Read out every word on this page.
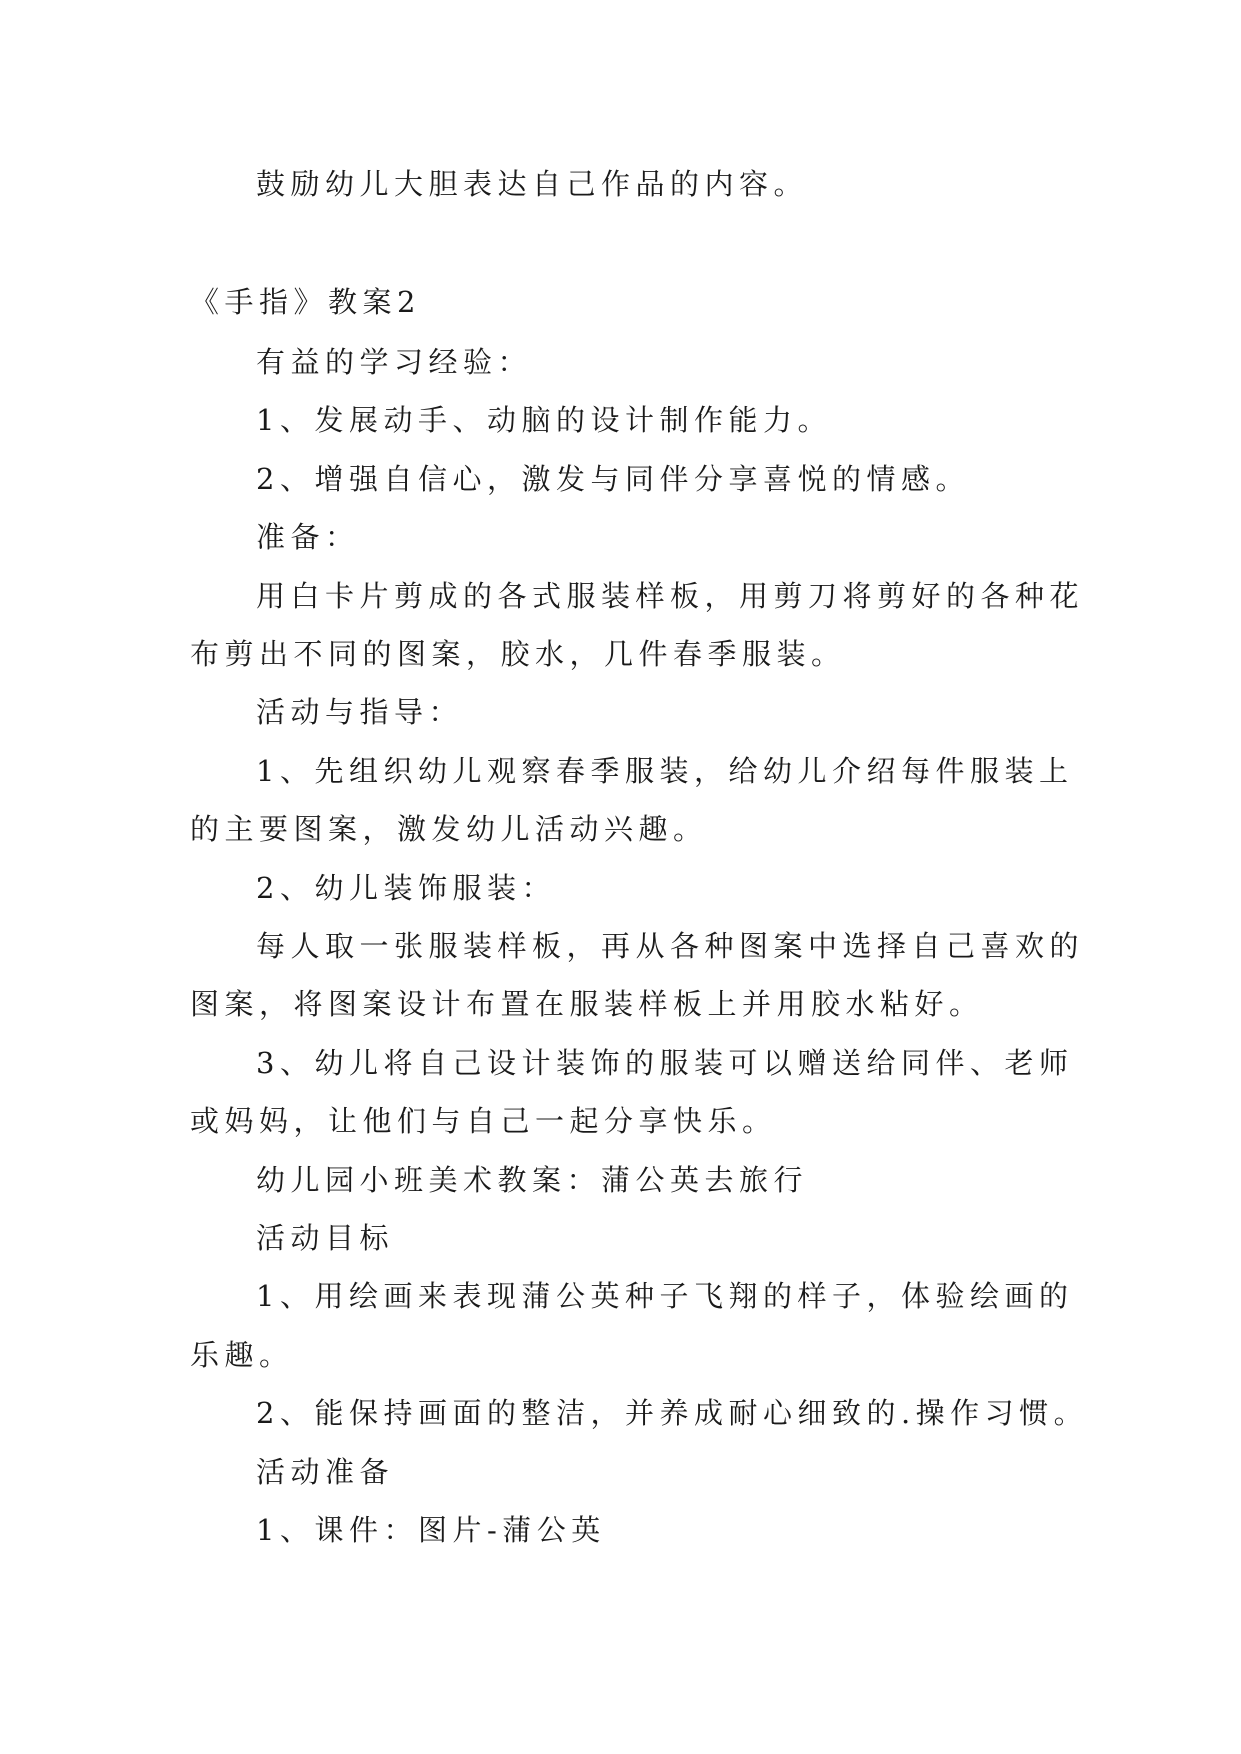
鼓励幼儿大胆表达自己作品的内容。
《手指》教案2
有益的学习经验：
1、发展动手、动脑的设计制作能力。
2、增强自信心，激发与同伴分享喜悦的情感。
准备：
用白卡片剪成的各式服装样板，用剪刀将剪好的各种花
布剪出不同的图案，胶水，几件春季服装。
活动与指导：
1、先组织幼儿观察春季服装，给幼儿介绍每件服装上
的主要图案，激发幼儿活动兴趣。
2、幼儿装饰服装：
每人取一张服装样板，再从各种图案中选择自己喜欢的
图案，将图案设计布置在服装样板上并用胶水粘好。
3、幼儿将自己设计装饰的服装可以赠送给同伴、老师
或妈妈，让他们与自己一起分享快乐。
幼儿园小班美术教案：蒲公英去旅行
活动目标
1、用绘画来表现蒲公英种子飞翔的样子，体验绘画的
乐趣。
2、能保持画面的整洁，并养成耐心细致的.操作习惯。
活动准备
1、课件：图片-蒲公英
